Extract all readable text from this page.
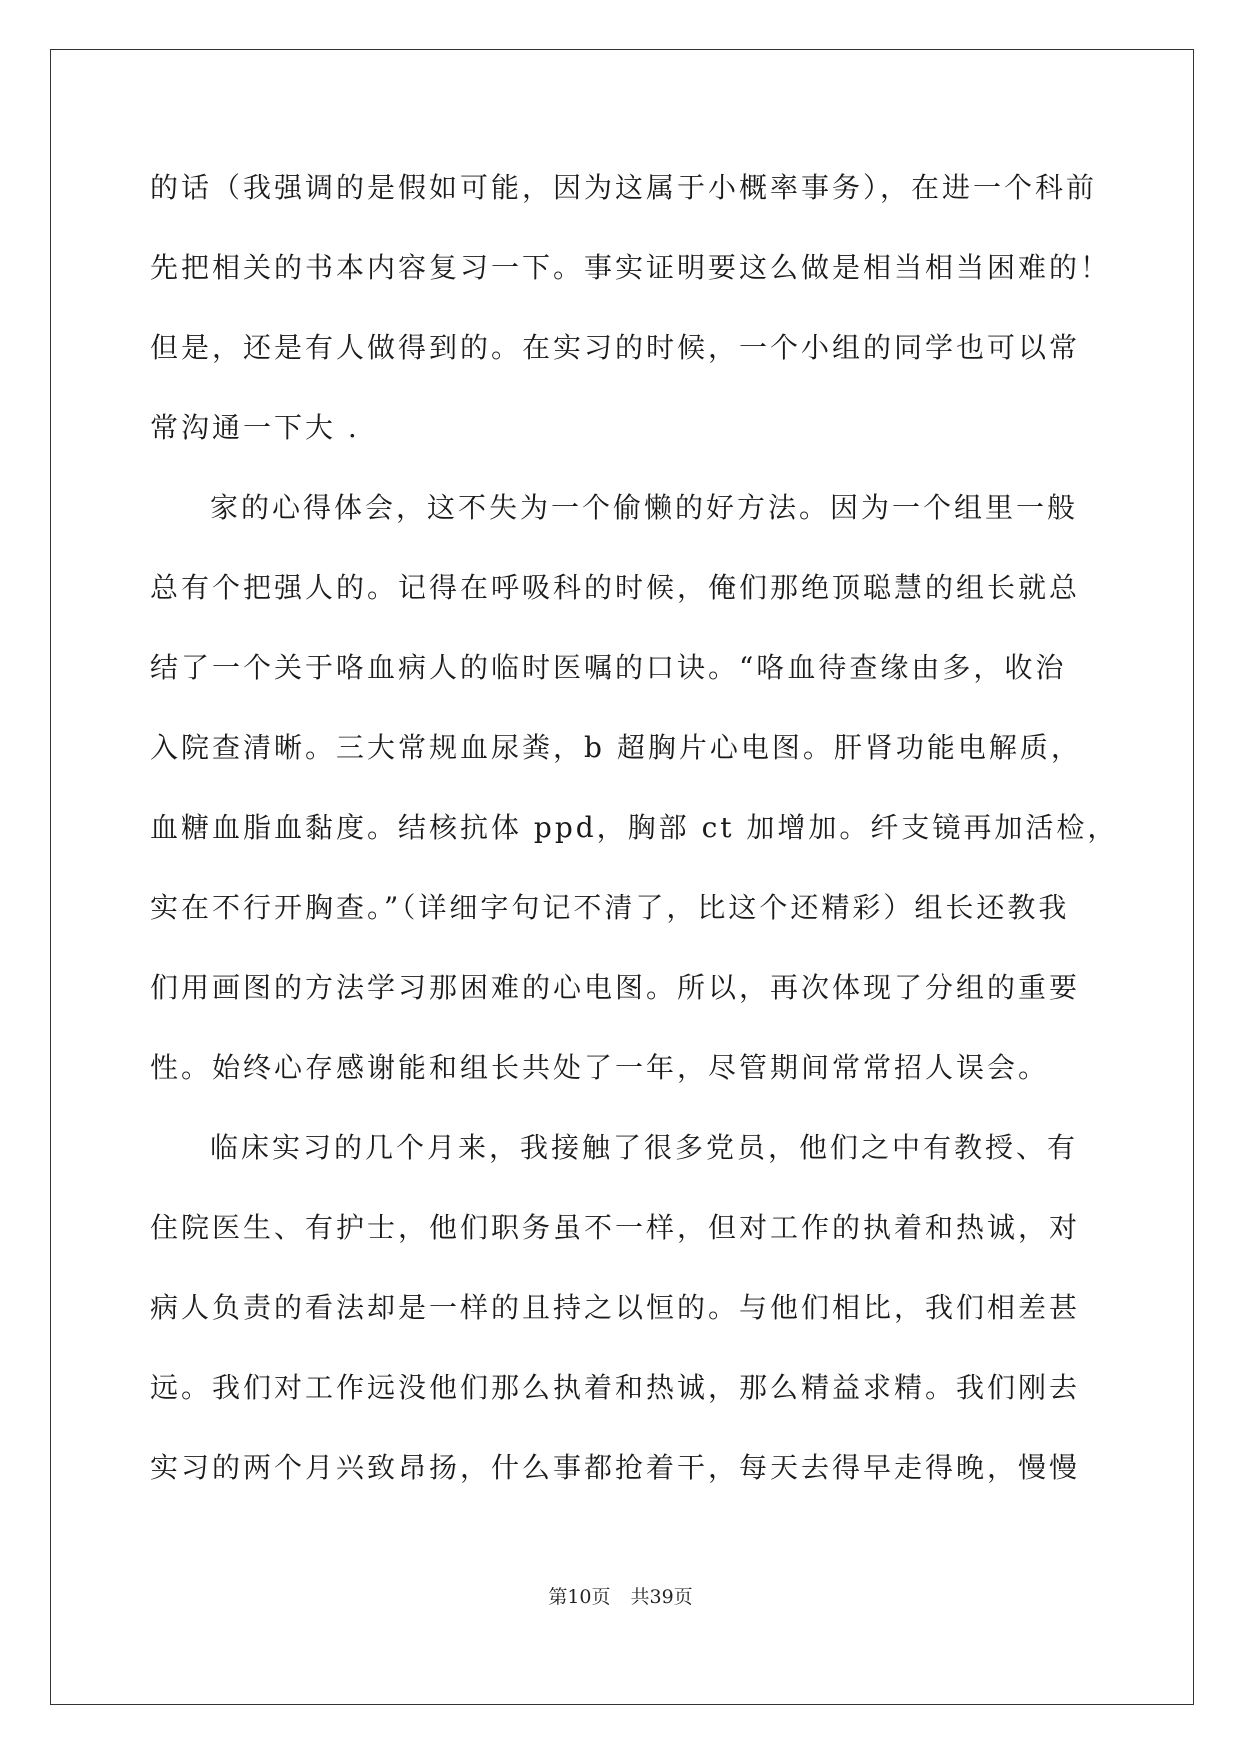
的话（我强调的是假如可能，因为这属于小概率事务），在进一个科前
先把相关的书本内容复习一下。事实证明要这么做是相当相当困难的！
但是，还是有人做得到的。在实习的时候，一个小组的同学也可以常
常沟通一下大 .
家的心得体会，这不失为一个偷懒的好方法。因为一个组里一般
总有个把强人的。记得在呼吸科的时候，俺们那绝顶聪慧的组长就总
结了一个关于咯血病人的临时医嘱的口诀。“咯血待查缘由多，收治
入院查清晰。三大常规血尿粪，b 超胸片心电图。肝肾功能电解质，
血糖血脂血黏度。结核抗体 ppd，胸部 ct 加增加。纤支镜再加活检，
实在不行开胸查。”（详细字句记不清了，比这个还精彩）组长还教我
们用画图的方法学习那困难的心电图。所以，再次体现了分组的重要
性。始终心存感谢能和组长共处了一年，尽管期间常常招人误会。
临床实习的几个月来，我接触了很多党员，他们之中有教授、有
住院医生、有护士，他们职务虽不一样，但对工作的执着和热诚，对
病人负责的看法却是一样的且持之以恒的。与他们相比，我们相差甚
远。我们对工作远没他们那么执着和热诚，那么精益求精。我们刚去
实习的两个月兴致昂扬，什么事都抢着干，每天去得早走得晚，慢慢
第10页 共39页
